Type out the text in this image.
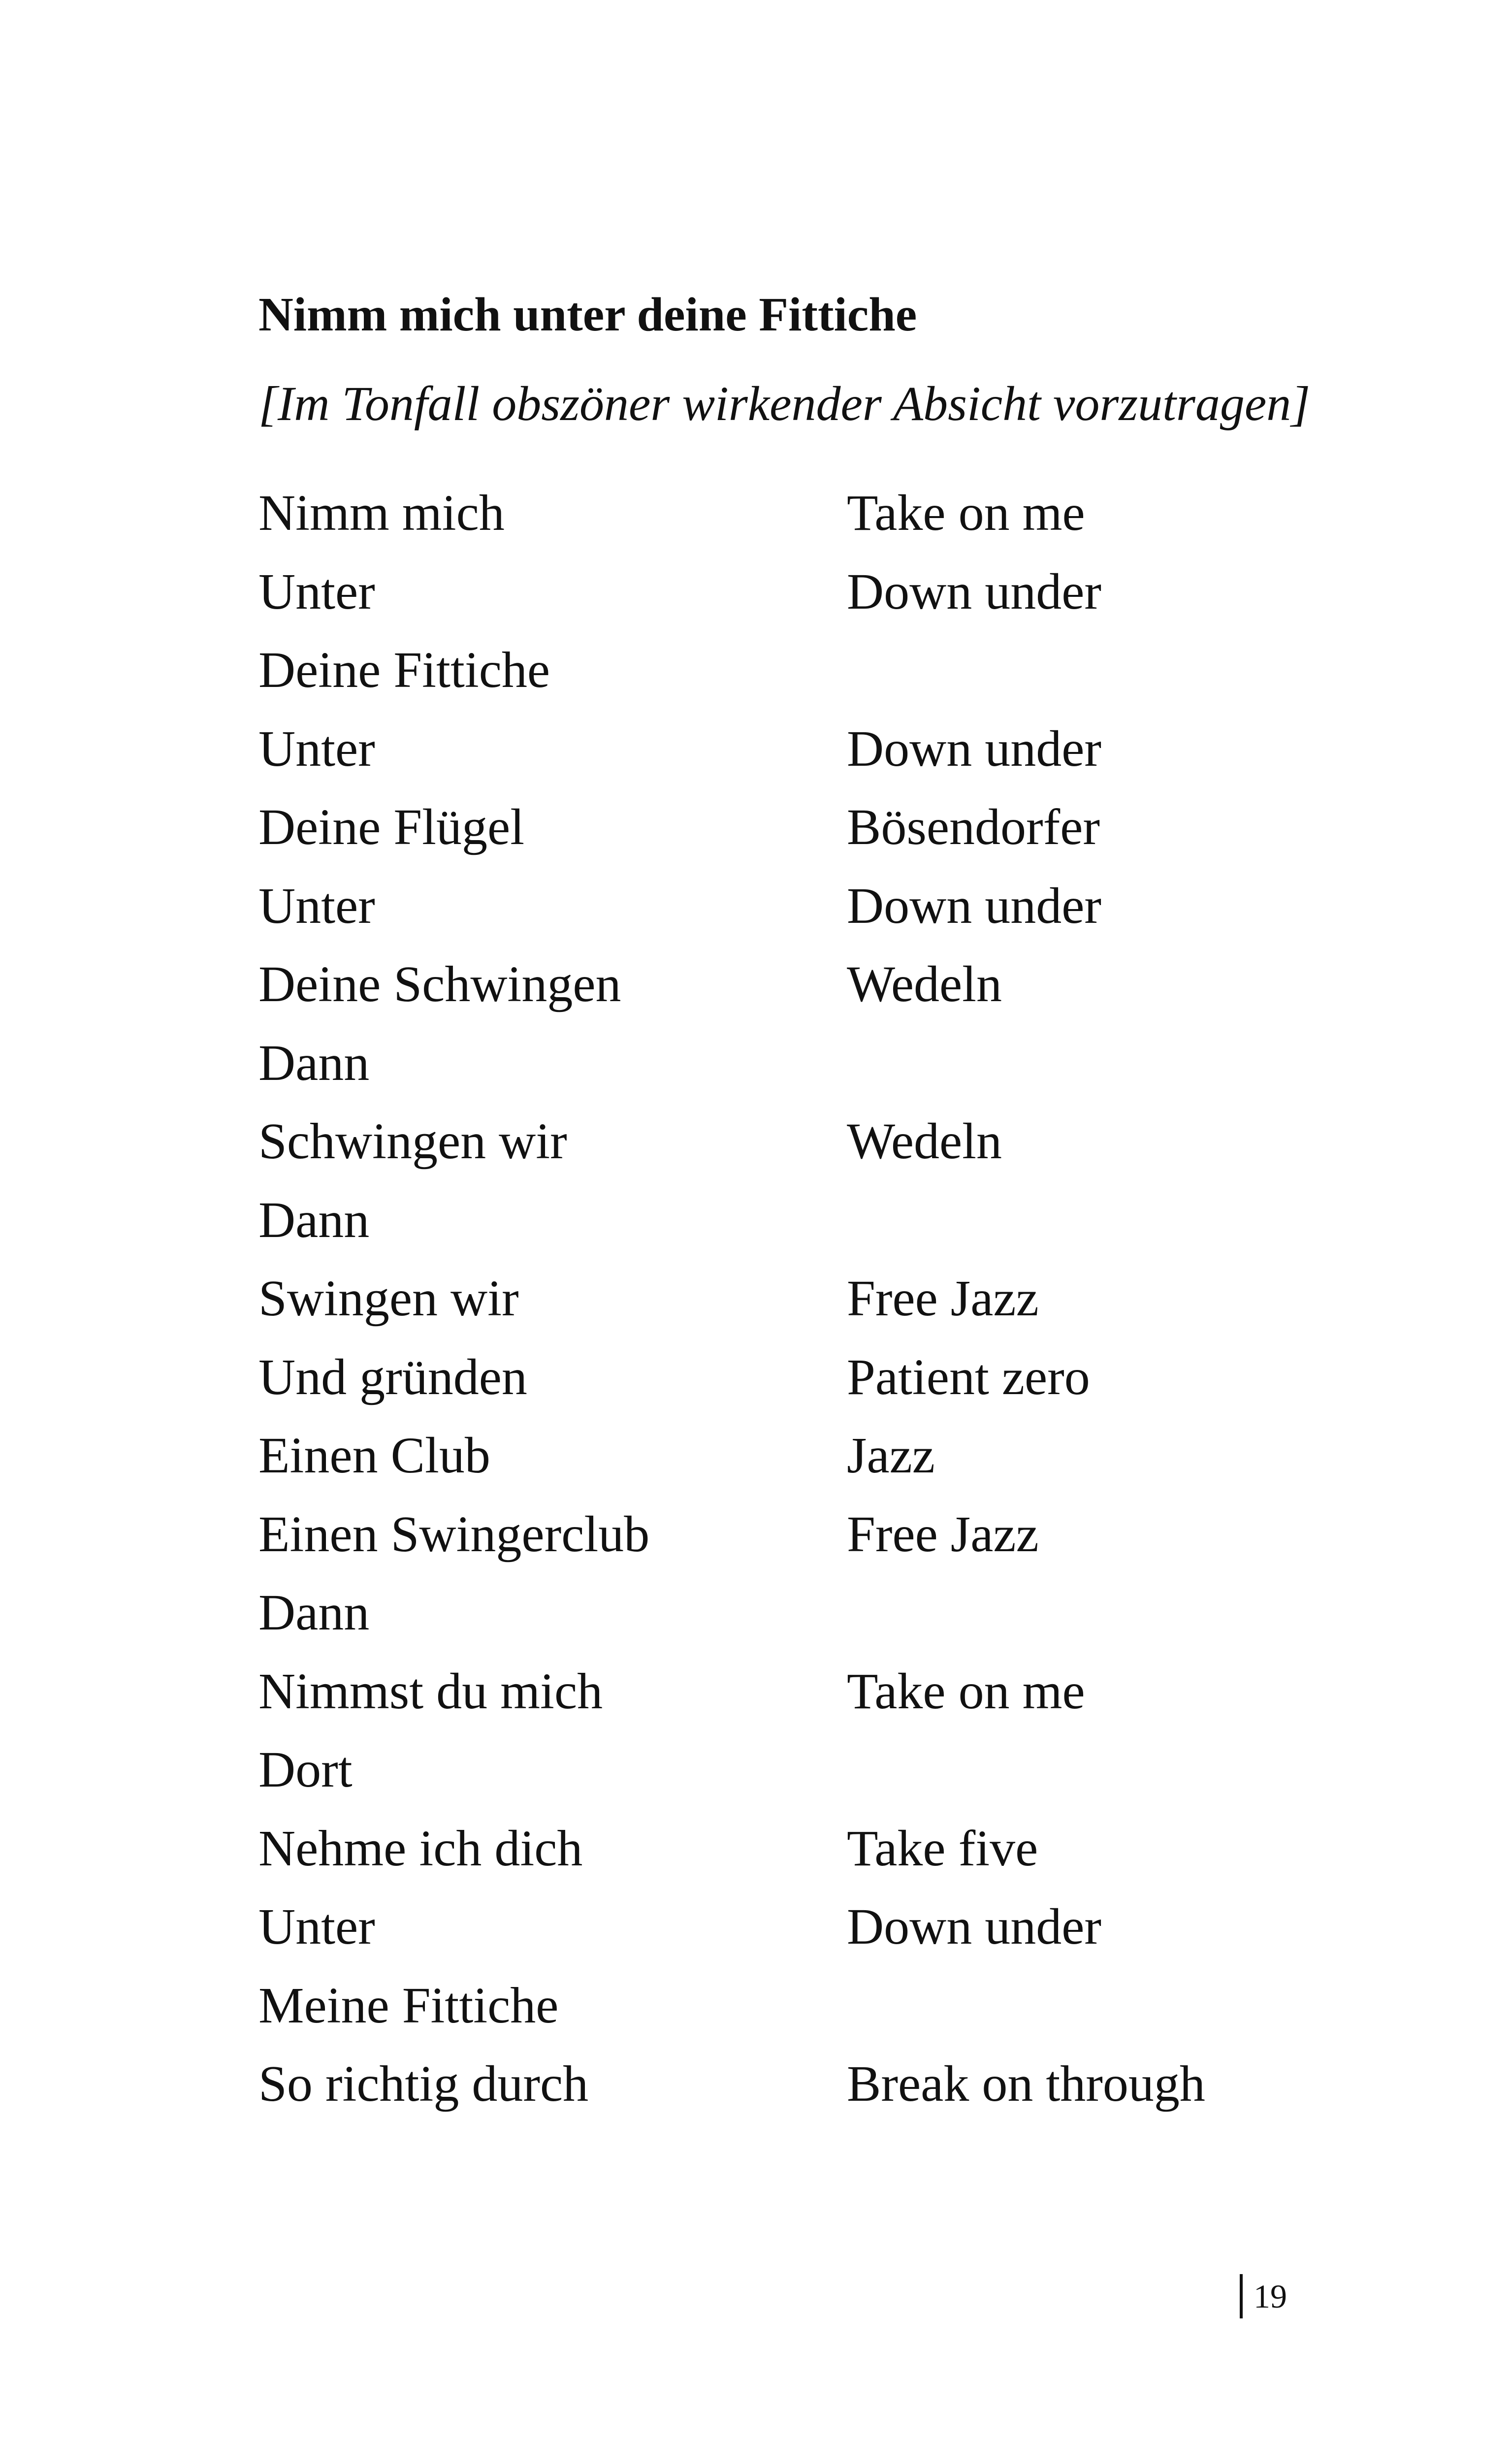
Nimm mich unter deine Fittiche
[Im Tonfall obszöner wirkender Absicht vorzutragen]
Nimm mich	Take on me
Unter	Down under
Deine Fittiche
Unter	Down under
Deine Flügel	Bösendorfer
Unter	Down under
Deine Schwingen	Wedeln
Dann
Schwingen wir	Wedeln
Dann
Swingen wir	Free Jazz
Und gründen	Patient zero
Einen Club	Jazz
Einen Swingerclub	Free Jazz
Dann
Nimmst du mich	Take on me
Dort
Nehme ich dich	Take five
Unter	Down under
Meine Fittiche
So richtig durch	Break on through
19
